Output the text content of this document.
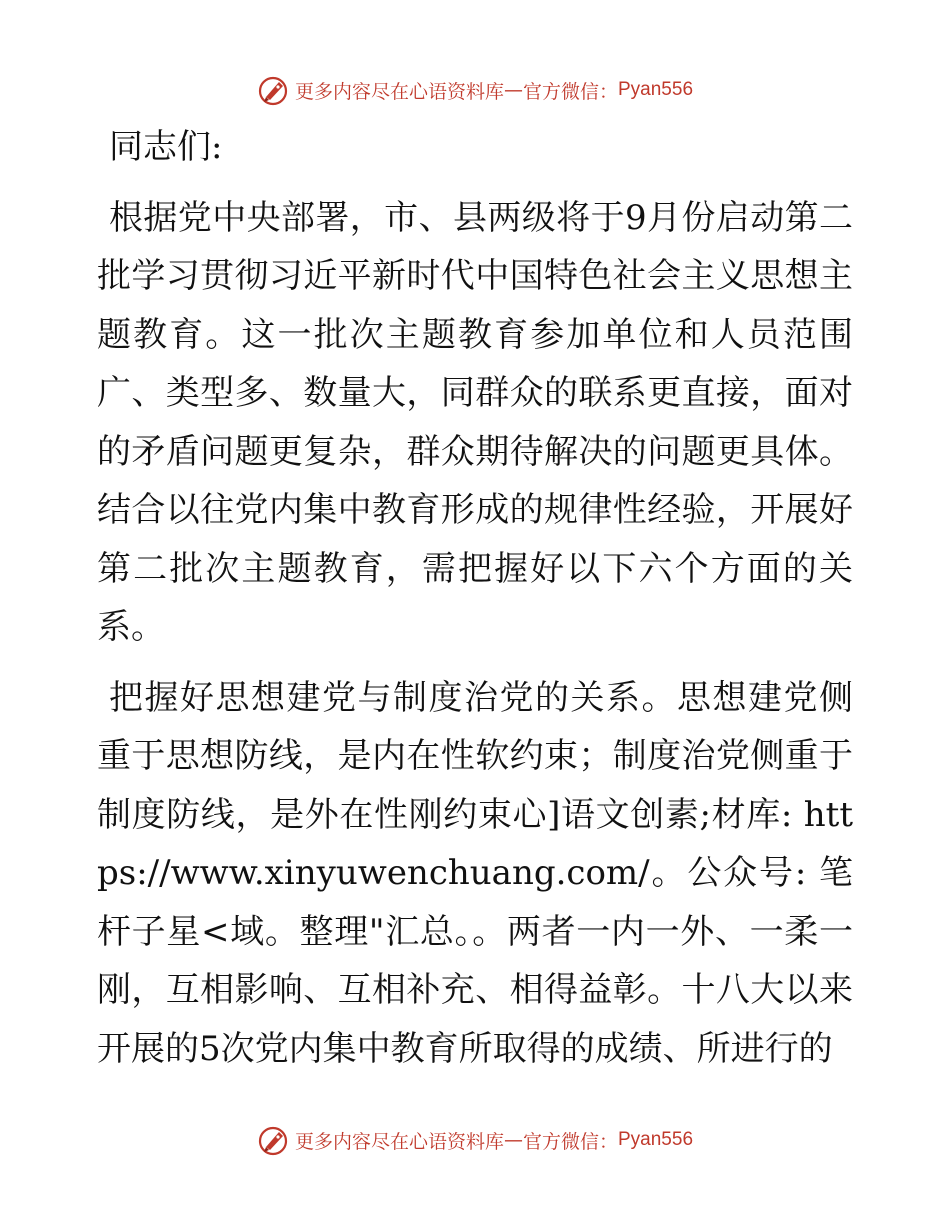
更多内容尽在心语资料库 — 官方微信： Pyan556

同志们:

根据党中央部署，市、县两级将于9月份启动第二批学习贯彻习近平新时代中国特色社会主义思想主题教育。这一批次主题教育参加单位和人员范围广、类型多、数量大，同群众的联系更直接，面对的矛盾问题更复杂，群众期待解决的问题更具体。结合以往党内集中教育形成的规律性经验，开展好第二批次主题教育，需把握好以下六个方面的关系。

把握好思想建党与制度治党的关系。思想建党侧重于思想防线，是内在性软约束；制度治党侧重于制度防线，是外在性刚约束心]语文创素;材库: https://www.xinyuwenchuang.com/。公众号: 笔杆子星<域。整理"汇总。。两者一内一外、一柔一刚，互相影响、互相补充、相得益彰。十八大以来开展的5次党内集中教育所取得的成绩、所进行的

更多内容尽在心语资料库 — 官方微信： Pyan556
